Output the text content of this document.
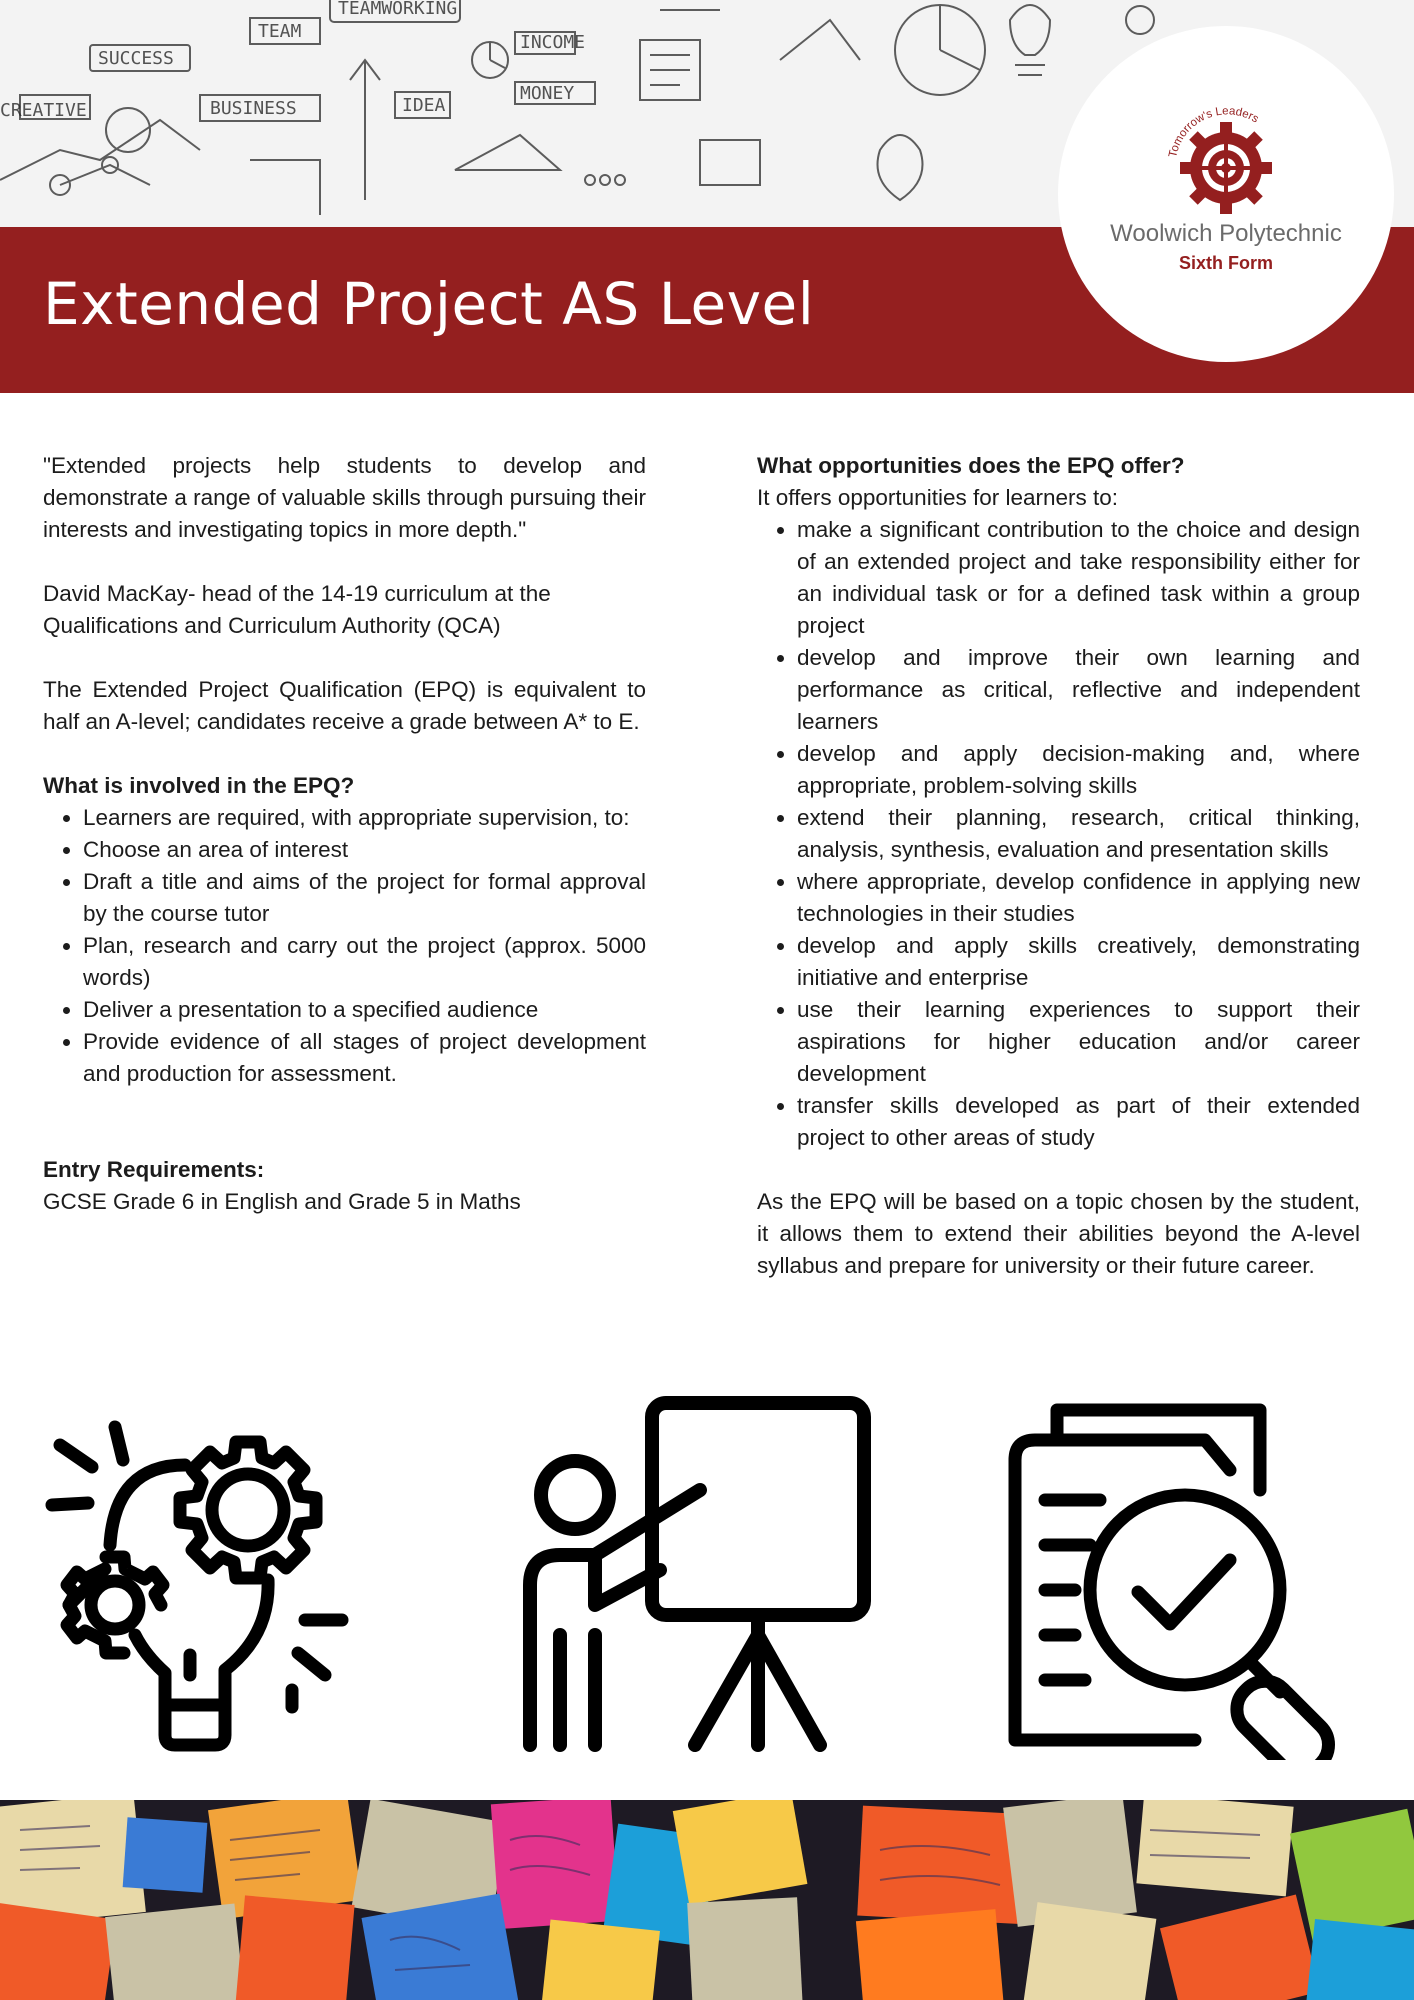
TEAMWORKING
SUCCESS
CREATIVE	BUSINESS	IDEA
INCOME
MONEY
TEAM
Extended Project AS Level
Tomorrow's Leaders
Woolwich Polytechnic
Sixth Form

"Extended projects help students to develop and demonstrate a range of valuable skills through pursuing their interests and investigating topics in more depth."

David MacKay- head of the 14-19 curriculum at the Qualifications and Curriculum Authority (QCA)

The Extended Project Qualification (EPQ) is equivalent to half an A-level; candidates receive a grade between A* to E.

What is involved in the EPQ?
• Learners are required, with appropriate supervision, to:
• Choose an area of interest
• Draft a title and aims of the project for formal approval by the course tutor
• Plan, research and carry out the project (approx. 5000 words)
• Deliver a presentation to a specified audience
• Provide evidence of all stages of project development and production for assessment.
Entry Requirements:

GCSE Grade 6 in English and Grade 5 in Maths

What opportunities does the EPQ offer?

It offers opportunities for learners to:

• make a significant contribution to the choice and design of an extended project and take responsibility either for an individual task or for a defined task within a group project
• develop and improve their own learning and performance as critical, reflective and independent learners
• develop and apply decision-making and, where appropriate, problem-solving skills
• extend their planning, research, critical thinking, analysis, synthesis, evaluation and presentation skills
• where appropriate, develop confidence in applying new technologies in their studies
• develop and apply skills creatively, demonstrating initiative and enterprise
• use their learning experiences to support their aspirations for higher education and/or career development
• transfer skills developed as part of their extended project to other areas of study

As the EPQ will be based on a topic chosen by the student, it allows them to extend their abilities beyond the A-level syllabus and prepare for university or their future career.
